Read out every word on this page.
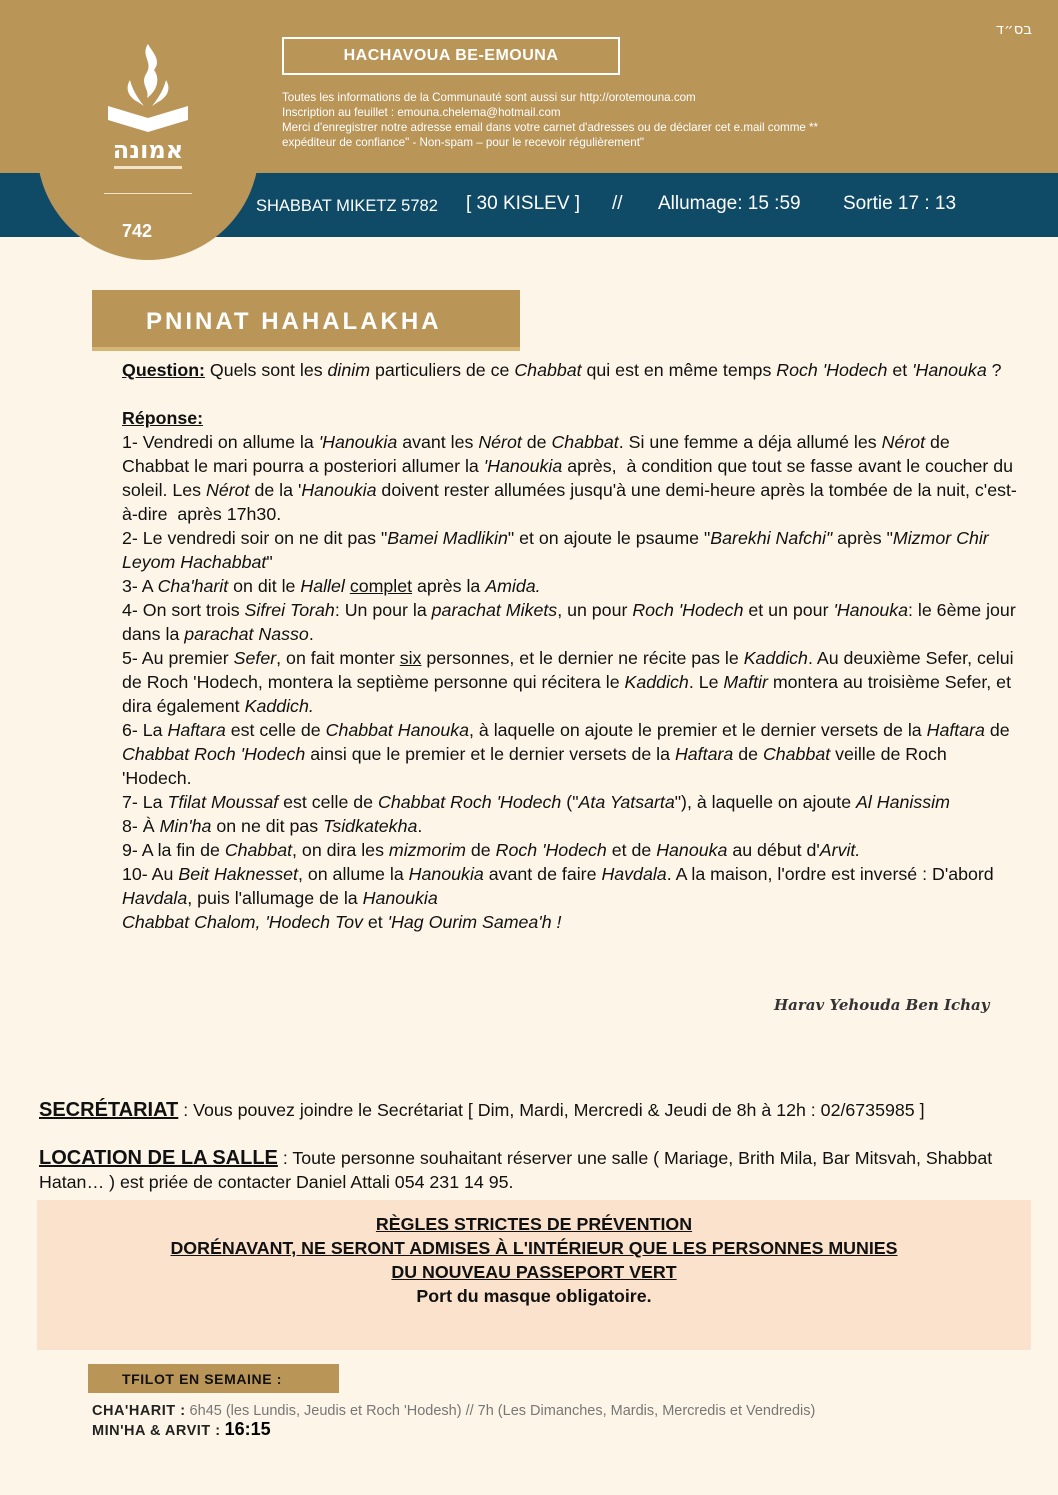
בס״ד
אמונה
742
HACHAVOUA BE-EMOUNA
Toutes les informations de la Communauté sont aussi sur http://orotemouna.com
Inscription au feuillet : emouna.chelema@hotmail.com
Merci d'enregistrer notre adresse email dans votre carnet d'adresses ou de déclarer cet e.mail comme **
expéditeur de confiance" - Non-spam – pour le recevoir régulièrement"
SHABBAT MIKETZ 5782 [ 30 KISLEV ] // Allumage: 15 :59 Sortie 17 : 13
PNINAT HAHALAKHA

Question: Quels sont les dinim particuliers de ce Chabbat qui est en même temps Roch 'Hodech et 'Hanouka ?

Réponse:

1- Vendredi on allume la 'Hanoukia avant les Nérot de Chabbat. Si une femme a déja allumé les Nérot de Chabbat le mari pourra a posteriori allumer la 'Hanoukia après,  à condition que tout se fasse avant le coucher du soleil. Les Nérot de la 'Hanoukia doivent rester allumées jusqu'à une demi-heure après la tombée de la nuit, c'est-à-dire  après 17h30.

2- Le vendredi soir on ne dit pas "Bamei Madlikin" et on ajoute le psaume "Barekhi Nafchi" après "Mizmor Chir Leyom Hachabbat"

3- A Cha'harit on dit le Hallel complet après la Amida.

4- On sort trois Sifrei Torah: Un pour la parachat Mikets, un pour Roch 'Hodech et un pour 'Hanouka: le 6ème jour dans la parachat Nasso.

5- Au premier Sefer, on fait monter six personnes, et le dernier ne récite pas le Kaddich. Au deuxième Sefer, celui de Roch 'Hodech, montera la septième personne qui récitera le Kaddich. Le Maftir montera au troisième Sefer, et dira également Kaddich.

6- La Haftara est celle de Chabbat Hanouka, à laquelle on ajoute le premier et le dernier versets de la Haftara de Chabbat Roch 'Hodech ainsi que le premier et le dernier versets de la Haftara de Chabbat veille de Roch 'Hodech.

7- La Tfilat Moussaf est celle de Chabbat Roch 'Hodech ("Ata Yatsarta"), à laquelle on ajoute Al Hanissim

8- À Min'ha on ne dit pas Tsidkatekha.

9- A la fin de Chabbat, on dira les mizmorim de Roch 'Hodech et de Hanouka au début d'Arvit.

10- Au Beit Haknesset, on allume la Hanoukia avant de faire Havdala. A la maison, l'ordre est inversé : D'abord Havdala, puis l'allumage de la Hanoukia

Chabbat Chalom, 'Hodech Tov et 'Hag Ourim Samea'h !

Harav Yehouda Ben Ichay
SECRÉTARIAT : Vous pouvez joindre le Secrétariat [ Dim, Mardi, Mercredi & Jeudi de 8h à 12h : 02/6735985 ]
LOCATION DE LA SALLE : Toute personne souhaitant réserver une salle ( Mariage, Brith Mila, Bar Mitsvah, Shabbat Hatan… ) est priée de contacter Daniel Attali 054 231 14 95.
RÈGLES STRICTES DE PRÉVENTION
DORÉNAVANT, NE SERONT ADMISES À L'INTÉRIEUR QUE LES PERSONNES MUNIES
DU NOUVEAU PASSEPORT VERT
Port du masque obligatoire.
TFILOT EN SEMAINE :
CHA'HARIT : 6h45 (les Lundis, Jeudis et Roch 'Hodesh) // 7h (Les Dimanches, Mardis, Mercredis et Vendredis)
MIN'HA & ARVIT : 16:15
